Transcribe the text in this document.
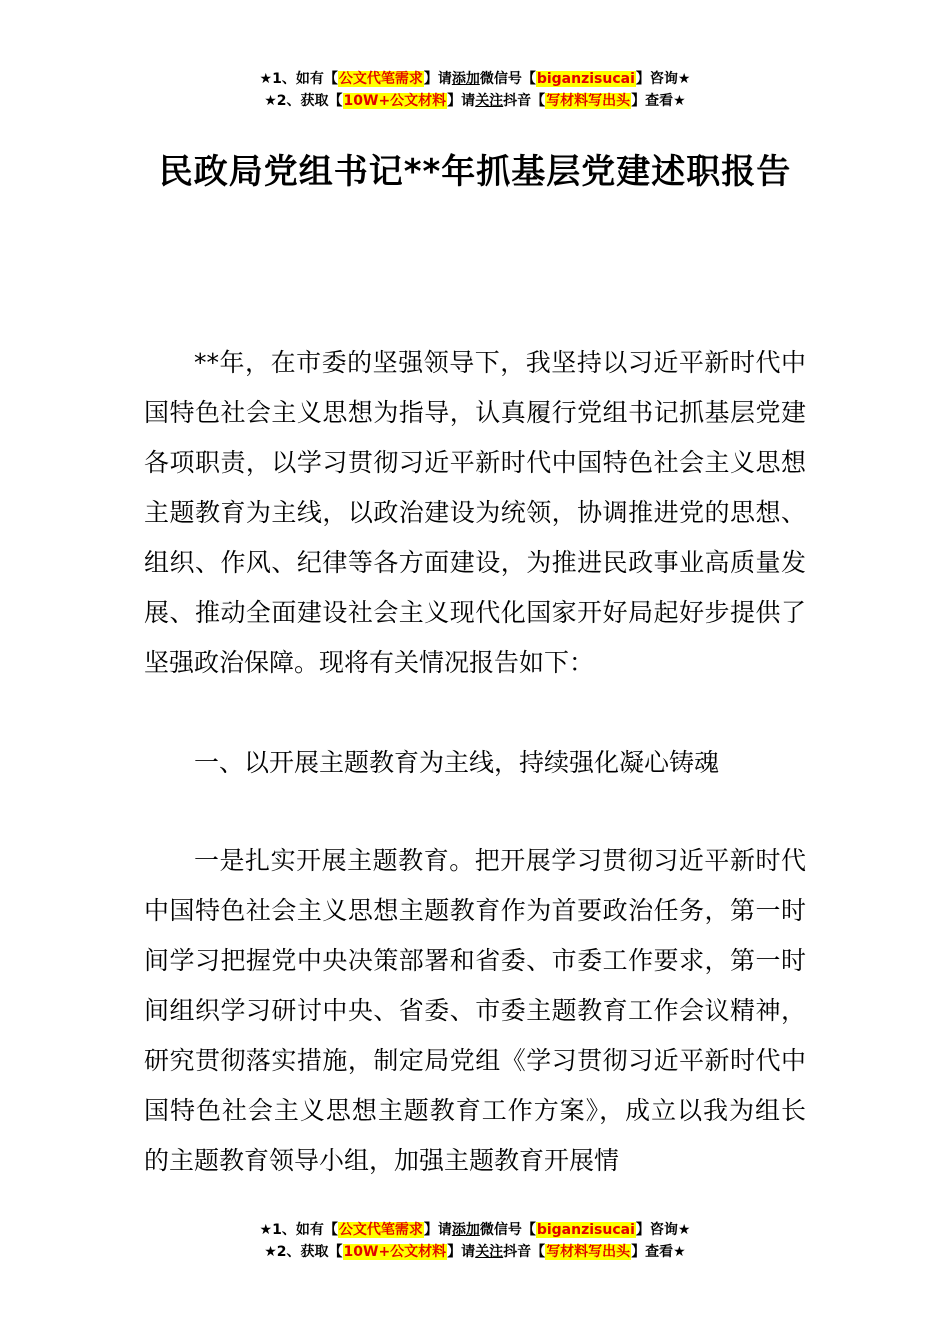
★1、如有【公文代笔需求】请添加微信号【biganzisucai】咨询★
★2、获取【10W+公文材料】请关注抖音【写材料写出头】查看★
民政局党组书记**年抓基层党建述职报告
**年，在市委的坚强领导下，我坚持以习近平新时代中国特色社会主义思想为指导，认真履行党组书记抓基层党建各项职责，以学习贯彻习近平新时代中国特色社会主义思想主题教育为主线，以政治建设为统领，协调推进党的思想、组织、作风、纪律等各方面建设，为推进民政事业高质量发展、推动全面建设社会主义现代化国家开好局起好步提供了坚强政治保障。现将有关情况报告如下：
一、以开展主题教育为主线，持续强化凝心铸魂
一是扎实开展主题教育。把开展学习贯彻习近平新时代中国特色社会主义思想主题教育作为首要政治任务，第一时间学习把握党中央决策部署和省委、市委工作要求，第一时间组织学习研讨中央、省委、市委主题教育工作会议精神，研究贯彻落实措施，制定局党组《学习贯彻习近平新时代中国特色社会主义思想主题教育工作方案》，成立以我为组长的主题教育领导小组，加强主题教育开展情
★1、如有【公文代笔需求】请添加微信号【biganzisucai】咨询★
★2、获取【10W+公文材料】请关注抖音【写材料写出头】查看★
